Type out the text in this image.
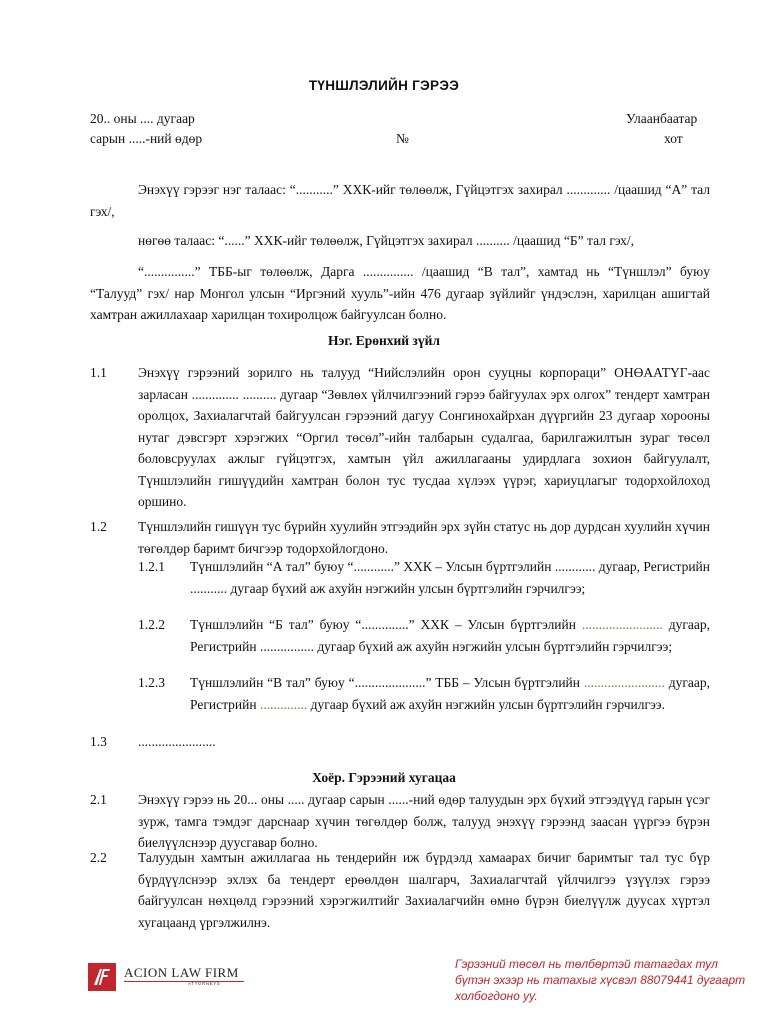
ТҮНШЛЭЛИЙН ГЭРЭЭ
20.. оны .... дугаар
сарын .....-ний өдөр	№
Улаанбаатар
хот
Энэхүү гэрээг нэг талаас: “...........” ХХК-ийг төлөөлж, Гүйцэтгэх захирал ............. /цаашид “А” тал гэх/,
нөгөө талаас: “......” ХХК-ийг төлөөлж, Гүйцэтгэх захирал .......... /цаашид “Б” тал гэх/,
“...............” ТББ-ыг төлөөлж, Дарга ............... /цаашид “В тал”, хамтад нь “Түншлэл” буюу “Талууд” гэх/ нар Монгол улсын “Иргэний хууль”-ийн 476 дугаар зүйлийг үндэслэн, харилцан ашигтай хамтран ажиллахаар харилцан тохиролцож байгуулсан болно.
Нэг. Ерөнхий зүйл
1.1 Энэхүү гэрээний зорилго нь талууд “Нийслэлийн орон сууцны корпораци” ОНӨААТҮГ-аас зарласан .............. .......... дугаар “Зөвлөх үйлчилгээний гэрээ байгуулах эрх олгох” тендерт хамтран оролцох, Захиалагчтай байгуулсан гэрээний дагуу Сонгинохайрхан дүүргийн 23 дугаар хорооны нутаг дэвсгэрт хэрэгжих “Оргил төсөл”-ийн талбарын судалгаа, барилгажилтын зураг төсөл боловсруулах ажлыг гүйцэтгэх, хамтын үйл ажиллагааны удирдлага зохион байгуулалт, Түншлэлийн гишүүдийн хамтран болон тус тусдаа хүлээх үүрэг, хариуцлагыг тодорхойлоход оршино.
1.2 Түншлэлийн гишүүн тус бүрийн хуулийн этгээдийн эрх зүйн статус нь дор дурдсан хуулийн хүчин төгөлдөр баримт бичгээр тодорхойлогдоно.
1.2.1 Түншлэлийн “А тал” буюу “............” ХХК – Улсын бүртгэлийн ............ дугаар, Регистрийн ........... дугаар бүхий аж ахуйн нэгжийн улсын бүртгэлийн гэрчилгээ;
1.2.2 Түншлэлийн “Б тал” буюу “..............” ХХК – Улсын бүртгэлийн ........................ дугаар, Регистрийн ................ дугаар бүхий аж ахуйн нэгжийн улсын бүртгэлийн гэрчилгээ;
1.2.3 Түншлэлийн “В тал” буюу “.....................” ТББ – Улсын бүртгэлийн ........................ дугаар, Регистрийн .............. дугаар бүхий аж ахуйн нэгжийн улсын бүртгэлийн гэрчилгээ.
1.3 .......................
Хоёр. Гэрээний хугацаа
2.1 Энэхүү гэрээ нь 20... оны ..... дугаар сарын ......-ний өдөр талуудын эрх бүхий этгээдүүд гарын үсэг зурж, тамга тэмдэг дарснаар хүчин төгөлдөр болж, талууд энэхүү гэрээнд заасан үүргээ бүрэн биелүүлснээр дуусгавар болно.
2.2 Талуудын хамтын ажиллагаа нь тендерийн иж бүрдэлд хамаарах бичиг баримтыг тал тус бүр бүрдүүлснээр эхлэх ба тендерт ерөөлдөн шалгарч, Захиалагчтай үйлчилгээ үзүүлэх гэрээ байгуулсан нөхцөлд гэрээний хэрэгжилтийг Захиалагчийн өмнө бүрэн биелүүлж дуусах хүртэл хугацаанд үргэлжилнэ.
ACION LAW FIRM
ATTORNEYS
Гэрээний төсөл нь төлбөртэй татагдах тул бүтэн эхээр нь татахыг хүсвэл 88079441 дугаарт холбогдоно уу.
